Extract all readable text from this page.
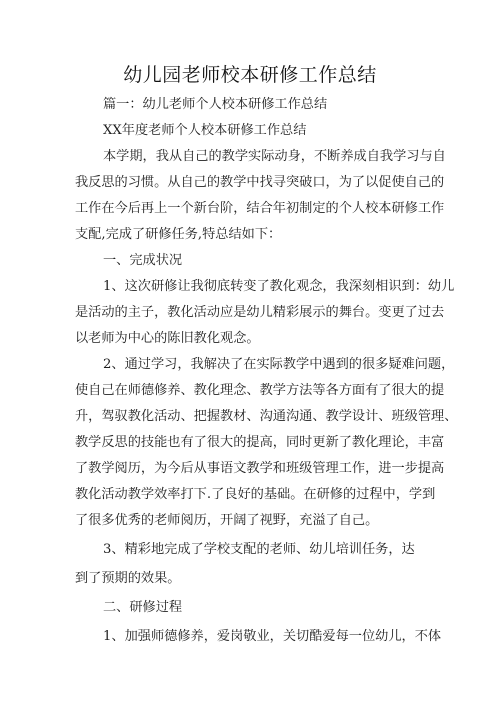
幼儿园老师校本研修工作总结
篇一：幼儿老师个人校本研修工作总结
XX年度老师个人校本研修工作总结
本学期，我从自己的教学实际动身，不断养成自我学习与自
我反思的习惯。从自己的教学中找寻突破口，为了以促使自己的
工作在今后再上一个新台阶，结合年初制定的个人校本研修工作
支配,完成了研修任务,特总结如下：
一、完成状况
1、这次研修让我彻底转变了教化观念，我深刻相识到：幼儿
是活动的主子，教化活动应是幼儿精彩展示的舞台。变更了过去
以老师为中心的陈旧教化观念。
2、通过学习，我解决了在实际教学中遇到的很多疑难问题，
使自己在师德修养、教化理念、教学方法等各方面有了很大的提
升，驾驭教化活动、把握教材、沟通沟通、教学设计、班级管理、
教学反思的技能也有了很大的提高，同时更新了教化理论，丰富
了教学阅历，为今后从事语文教学和班级管理工作，进一步提高
教化活动教学效率打下.了良好的基础。在研修的过程中，学到
了很多优秀的老师阅历，开阔了视野，充溢了自己。
3、精彩地完成了学校支配的老师、幼儿培训任务，达
到了预期的效果。
二、研修过程
1、加强师德修养，爱岗敬业，关切酷爱每一位幼儿，不体
